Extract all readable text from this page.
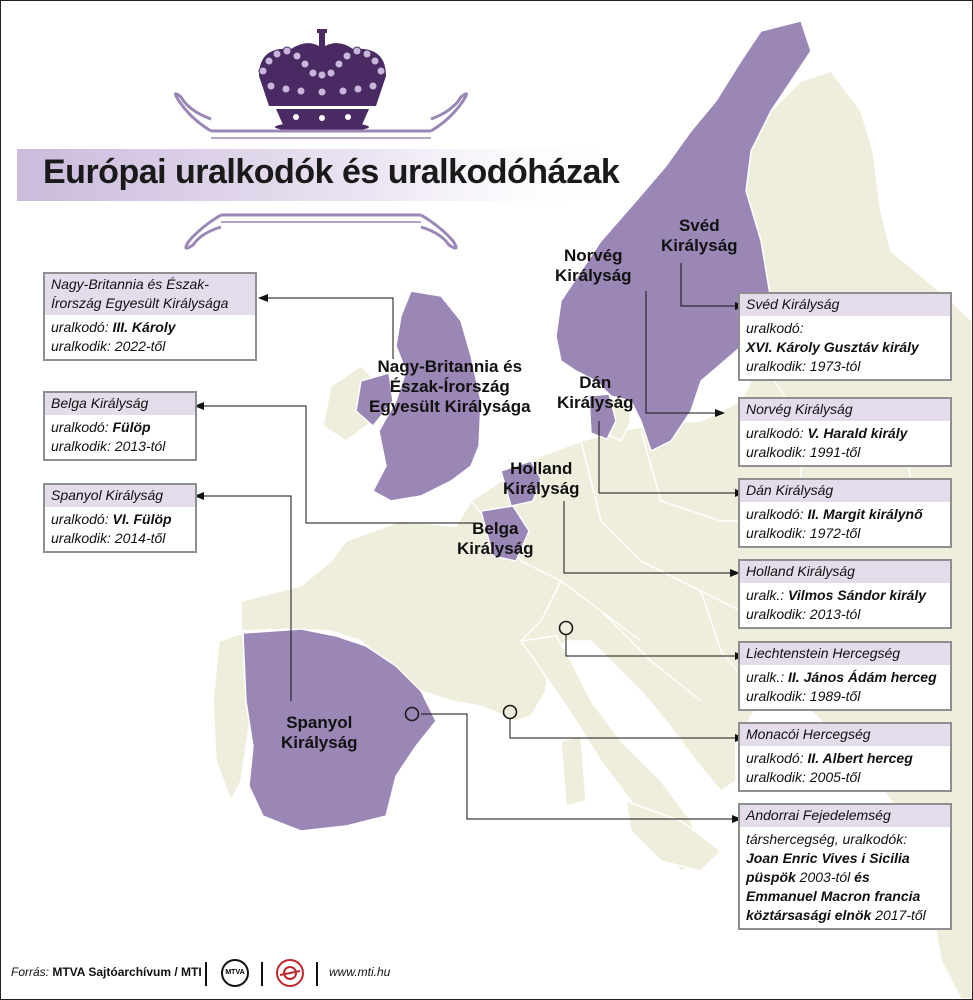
Európai uralkodók és uralkodóházak
Nagy-Britannia és
Észak-Írország
Egyesült Királysága
Norvég
Királyság
Svéd
Királyság
Dán
Királyság
Holland
Királyság
Belga
Királyság
Spanyol
Királyság
Nagy-Britannia és Észak-
Írország Egyesült Királysága
uralkodó: III. Károly
uralkodik: 2022-től
Belga Királyság
uralkodó: Fülöp
uralkodik: 2013-tól
Spanyol Királyság
uralkodó: VI. Fülöp
uralkodik: 2014-től
Svéd Királyság
uralkodó:
XVI. Károly Gusztáv király
uralkodik: 1973-tól
Norvég Királyság
uralkodó: V. Harald király
uralkodik: 1991-től
Dán Királyság
uralkodó: II. Margit királynő
uralkodik: 1972-től
Holland Királyság
uralk.: Vilmos Sándor király
uralkodik: 2013-tól
Liechtenstein Hercegség
uralk.: II. János Ádám herceg
uralkodik: 1989-től
Monacói Hercegség
uralkodó: II. Albert herceg
uralkodik: 2005-től
Andorrai Fejedelemség
társhercegség, uralkodók:
Joan Enric Vives i Sicilia püspök 2003-tól és Emmanuel Macron francia köztársasági elnök 2017-től
Forrás: MTVA Sajtóarchívum / MTI	MTVA	www.mti.hu
